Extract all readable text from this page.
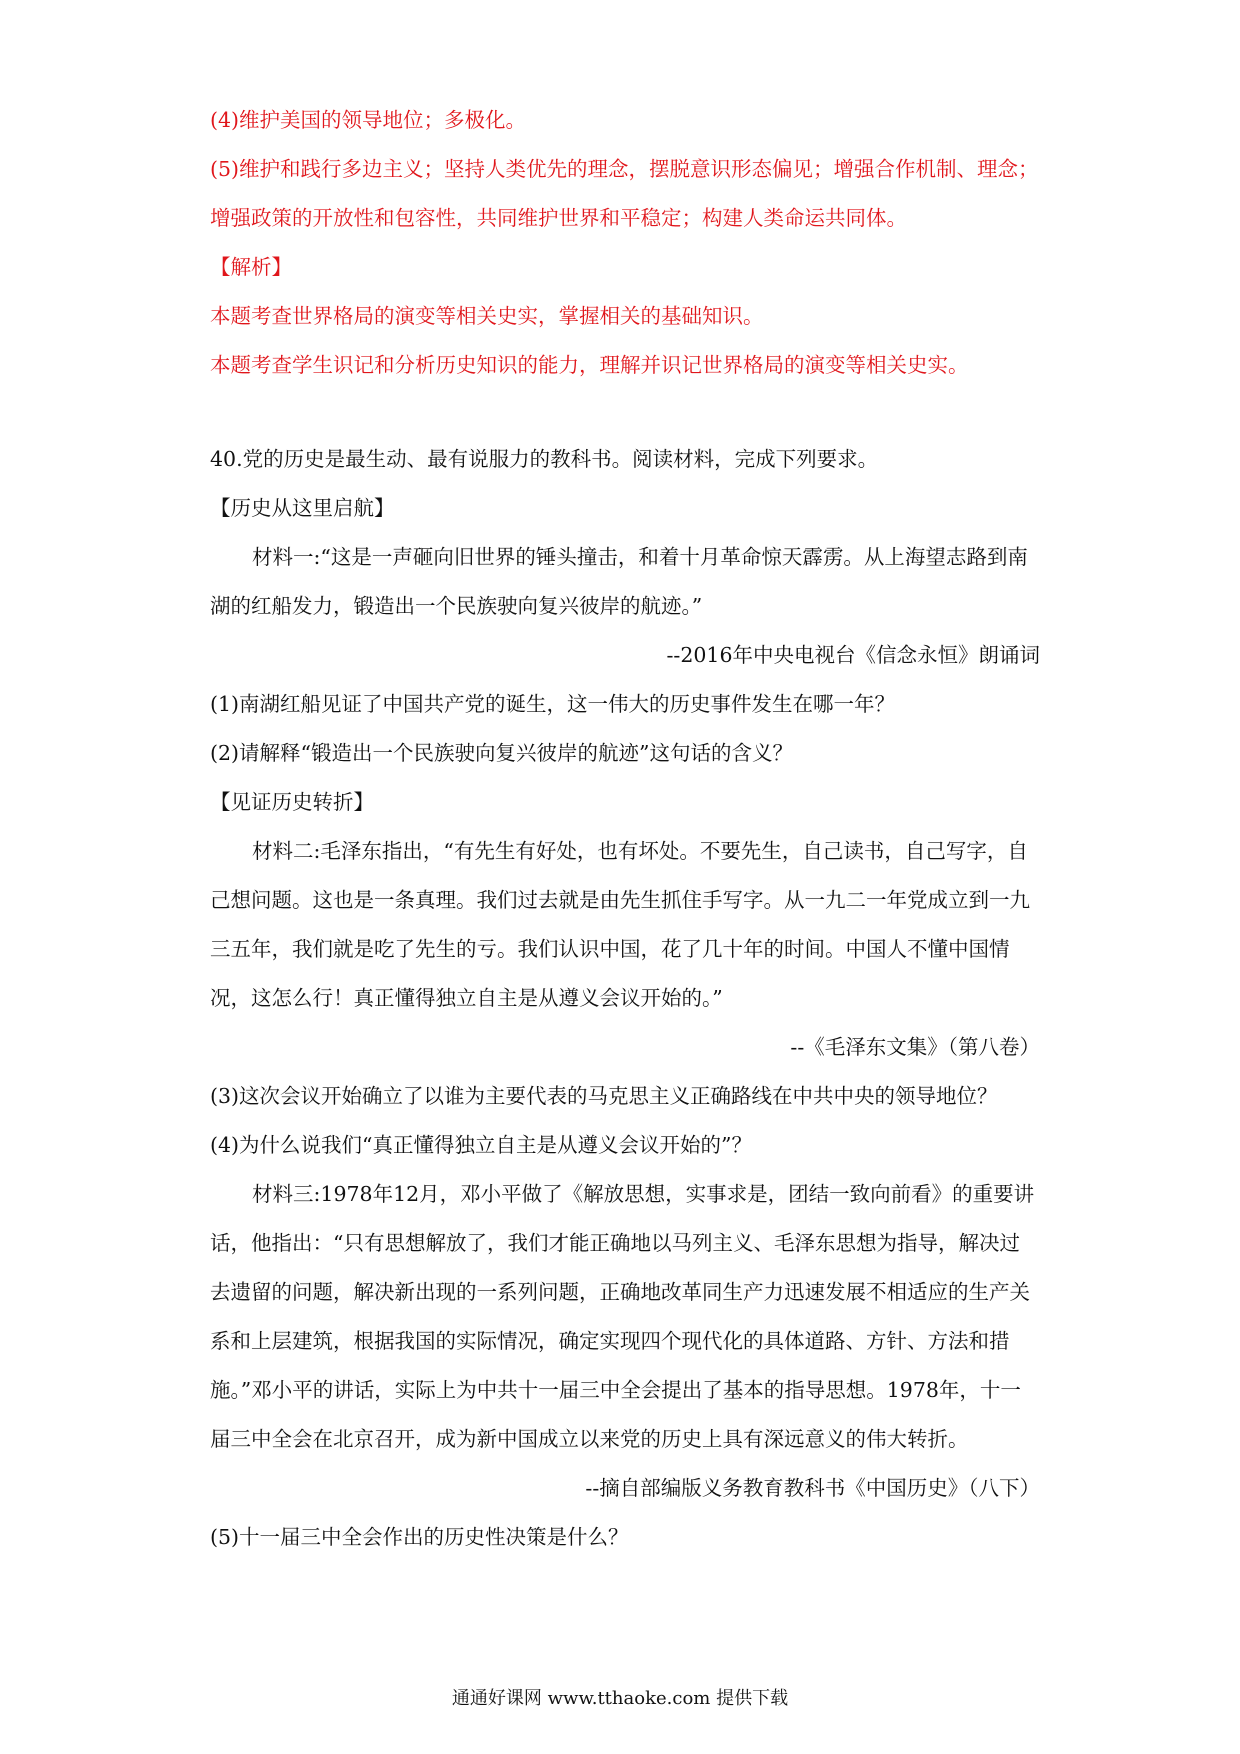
(4)维护美国的领导地位；多极化。
(5)维护和践行多边主义；坚持人类优先的理念，摆脱意识形态偏见；增强合作机制、理念；增强政策的开放性和包容性，共同维护世界和平稳定；构建人类命运共同体。
【解析】
本题考查世界格局的演变等相关史实，掌握相关的基础知识。
本题考查学生识记和分析历史知识的能力，理解并识记世界格局的演变等相关史实。
40.党的历史是最生动、最有说服力的教科书。阅读材料，完成下列要求。
【历史从这里启航】
材料一:“这是一声砸向旧世界的锤头撞击，和着十月革命惊天霹雳。从上海望志路到南湖的红船发力，锻造出一个民族驶向复兴彼岸的航迹。”
--2016年中央电视台《信念永恒》朗诵词
(1)南湖红船见证了中国共产党的诞生，这一伟大的历史事件发生在哪一年？
(2)请解释“锻造出一个民族驶向复兴彼岸的航迹”这句话的含义？
【见证历史转折】
材料二:毛泽东指出，“有先生有好处，也有坏处。不要先生，自己读书，自己写字，自己想问题。这也是一条真理。我们过去就是由先生抓住手写字。从一九二一年党成立到一九三五年，我们就是吃了先生的亏。我们认识中国，花了几十年的时间。中国人不懂中国情况，这怎么行！真正懂得独立自主是从遵义会议开始的。”
--《毛泽东文集》（第八卷）
(3)这次会议开始确立了以谁为主要代表的马克思主义正确路线在中共中央的领导地位？
(4)为什么说我们“真正懂得独立自主是从遵义会议开始的”？
材料三:1978年12月，邓小平做了《解放思想，实事求是，团结一致向前看》的重要讲话，他指出：“只有思想解放了，我们才能正确地以马列主义、毛泽东思想为指导，解决过去遗留的问题，解决新出现的一系列问题，正确地改革同生产力迅速发展不相适应的生产关系和上层建筑，根据我国的实际情况，确定实现四个现代化的具体道路、方针、方法和措施。”邓小平的讲话，实际上为中共十一届三中全会提出了基本的指导思想。1978年，十一届三中全会在北京召开，成为新中国成立以来党的历史上具有深远意义的伟大转折。
--摘自部编版义务教育教科书《中国历史》（八下）
(5)十一届三中全会作出的历史性决策是什么？
通通好课网 www.tthaoke.com 提供下载
